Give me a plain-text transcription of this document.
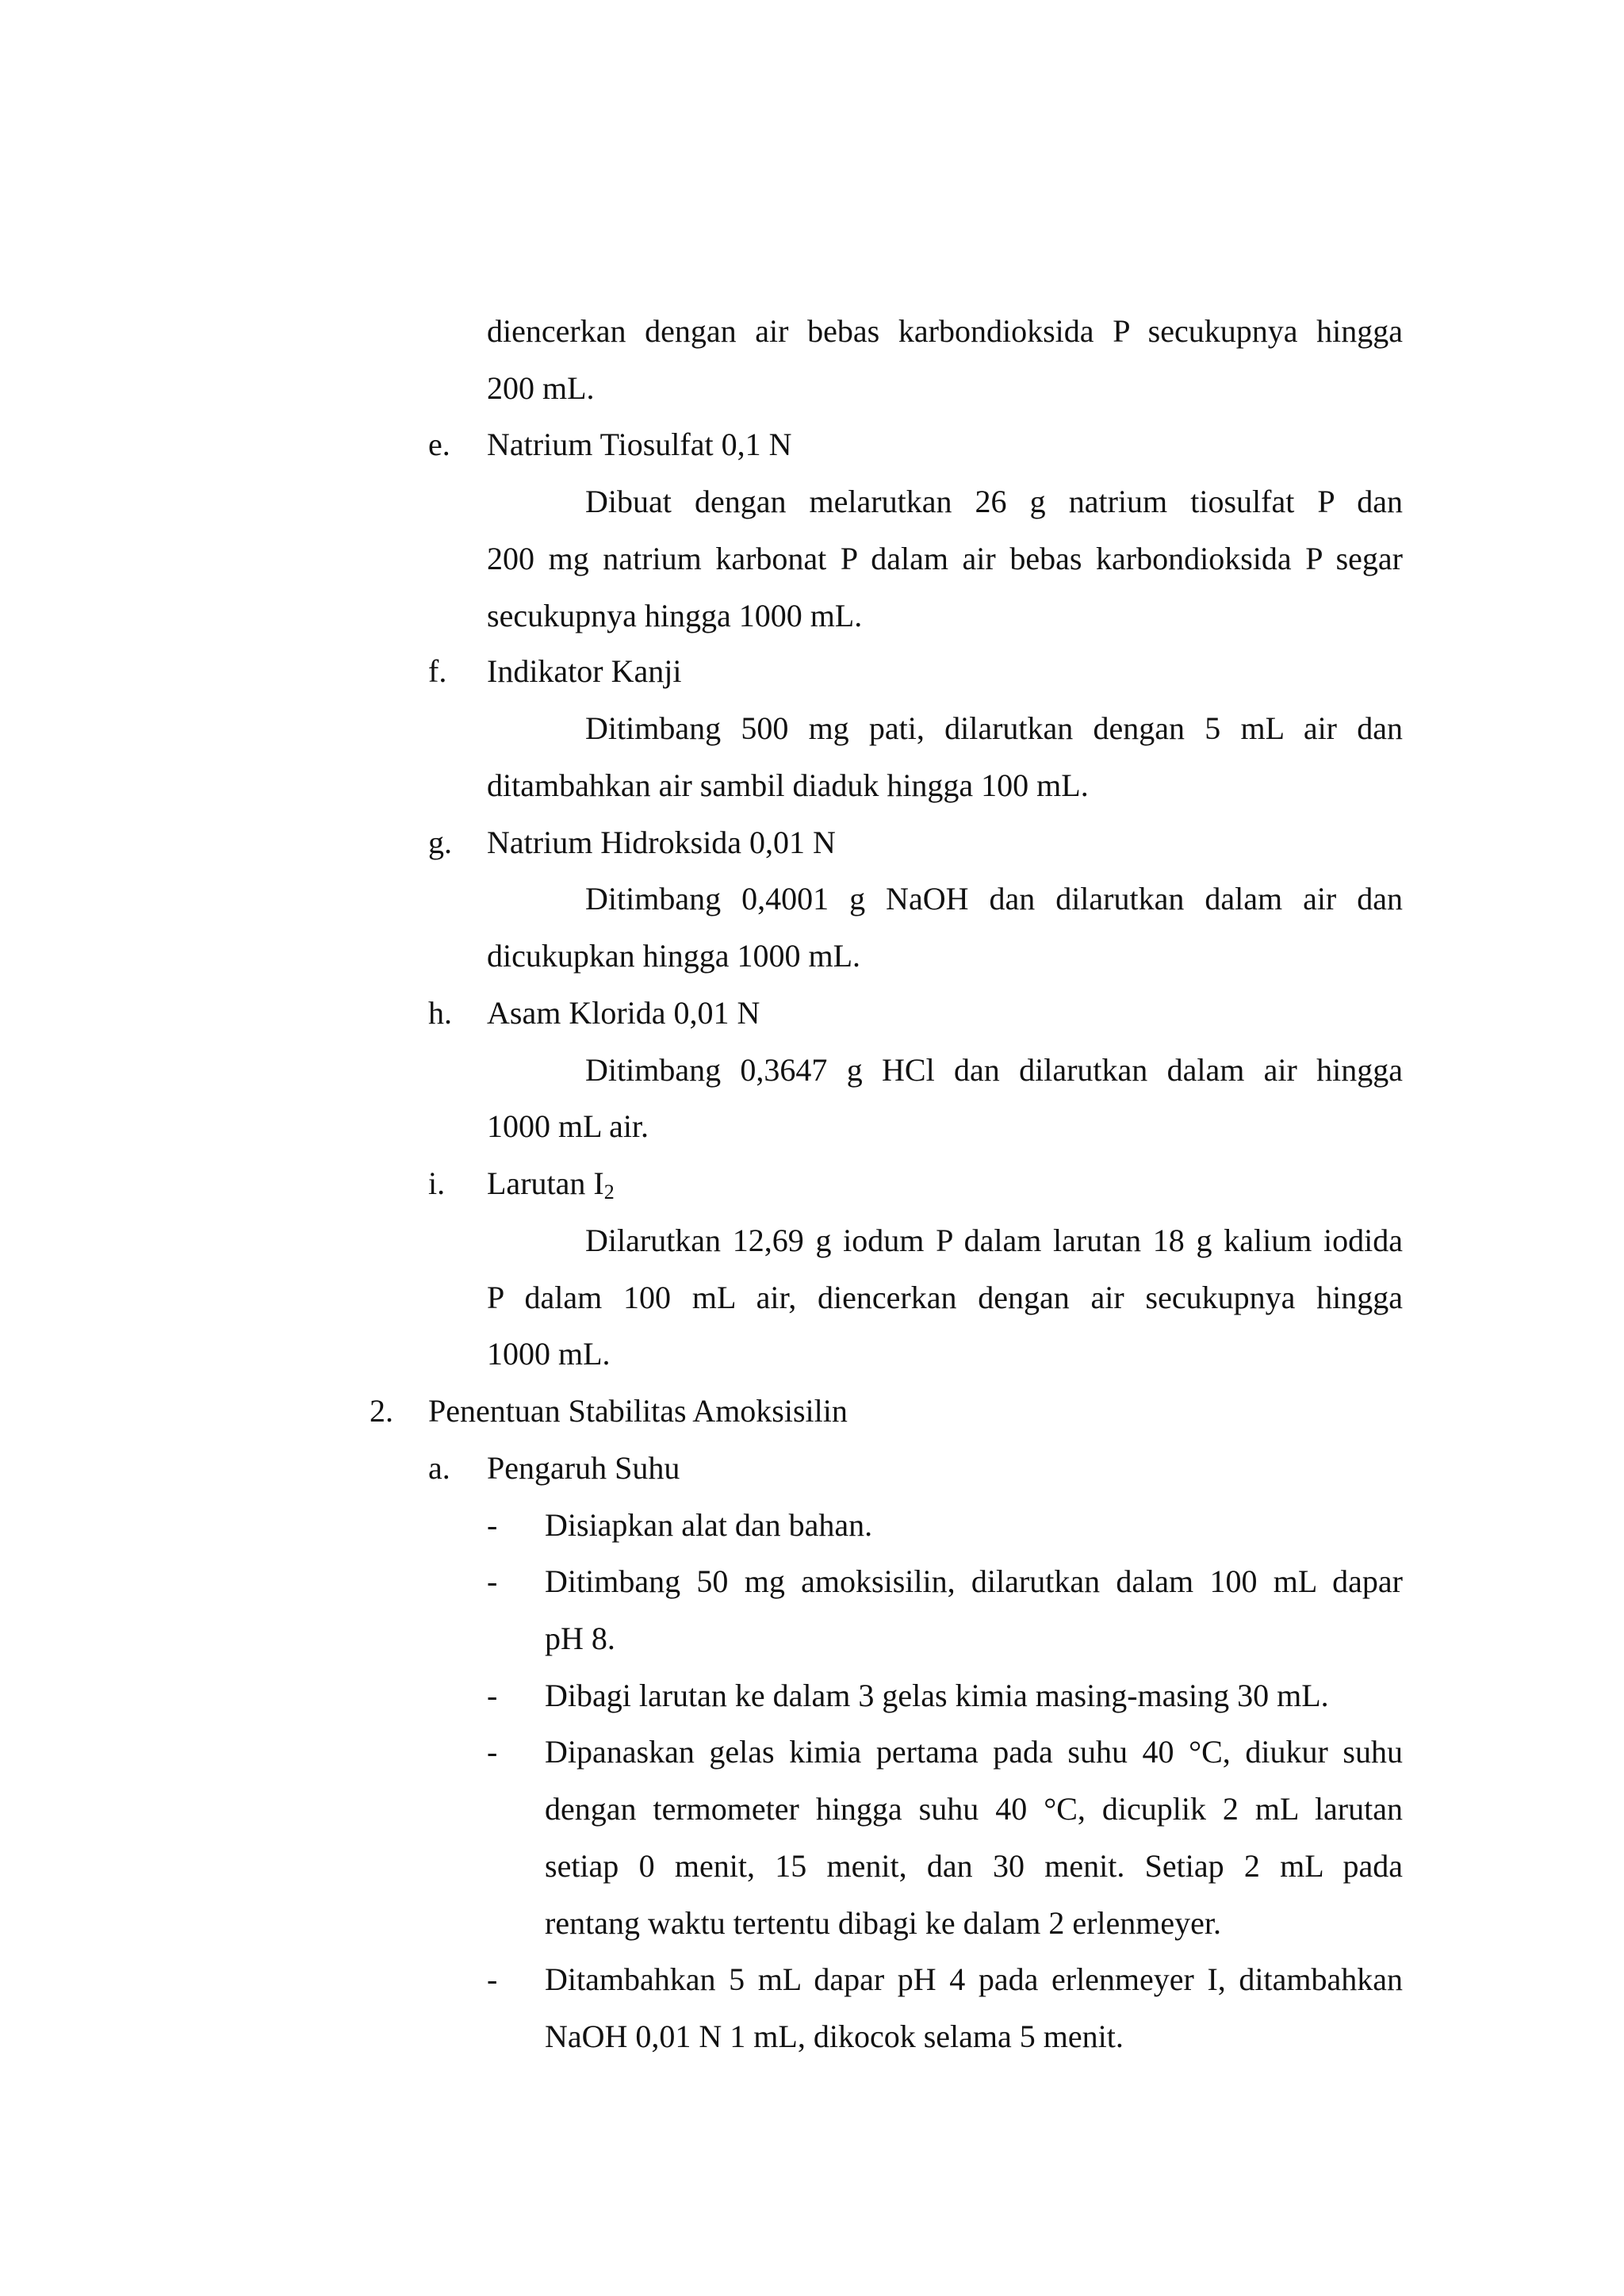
diencerkan dengan air bebas karbondioksida P secukupnya hingga
200 mL.
e. Natrium Tiosulfat 0,1 N
Dibuat dengan melarutkan 26 g natrium tiosulfat P dan
200 mg natrium karbonat P dalam air bebas karbondioksida P segar
secukupnya hingga 1000 mL.
f. Indikator Kanji
Ditimbang 500 mg pati, dilarutkan dengan 5 mL air dan
ditambahkan air sambil diaduk hingga 100 mL.
g. Natrium Hidroksida 0,01 N
Ditimbang 0,4001 g NaOH dan dilarutkan dalam air dan
dicukupkan hingga 1000 mL.
h. Asam Klorida 0,01 N
Ditimbang 0,3647 g HCl dan dilarutkan dalam air hingga
1000 mL air.
i. Larutan $I_2$
Dilarutkan 12,69 g iodum P dalam larutan 18 g kalium iodida
P dalam 100 mL air, diencerkan dengan air secukupnya hingga
1000 mL.
2. Penentuan Stabilitas Amoksisilin
a. Pengaruh Suhu
- Disiapkan alat dan bahan.
- Ditimbang 50 mg amoksisilin, dilarutkan dalam 100 mL dapar
pH 8.
- Dibagi larutan ke dalam 3 gelas kimia masing-masing 30 mL.
- Dipanaskan gelas kimia pertama pada suhu 40 °C, diukur suhu
dengan termometer hingga suhu 40 °C, dicuplik 2 mL larutan
setiap 0 menit, 15 menit, dan 30 menit. Setiap 2 mL pada
rentang waktu tertentu dibagi ke dalam 2 erlenmeyer.
- Ditambahkan 5 mL dapar pH 4 pada erlenmeyer I, ditambahkan
NaOH 0,01 N 1 mL, dikocok selama 5 menit.
